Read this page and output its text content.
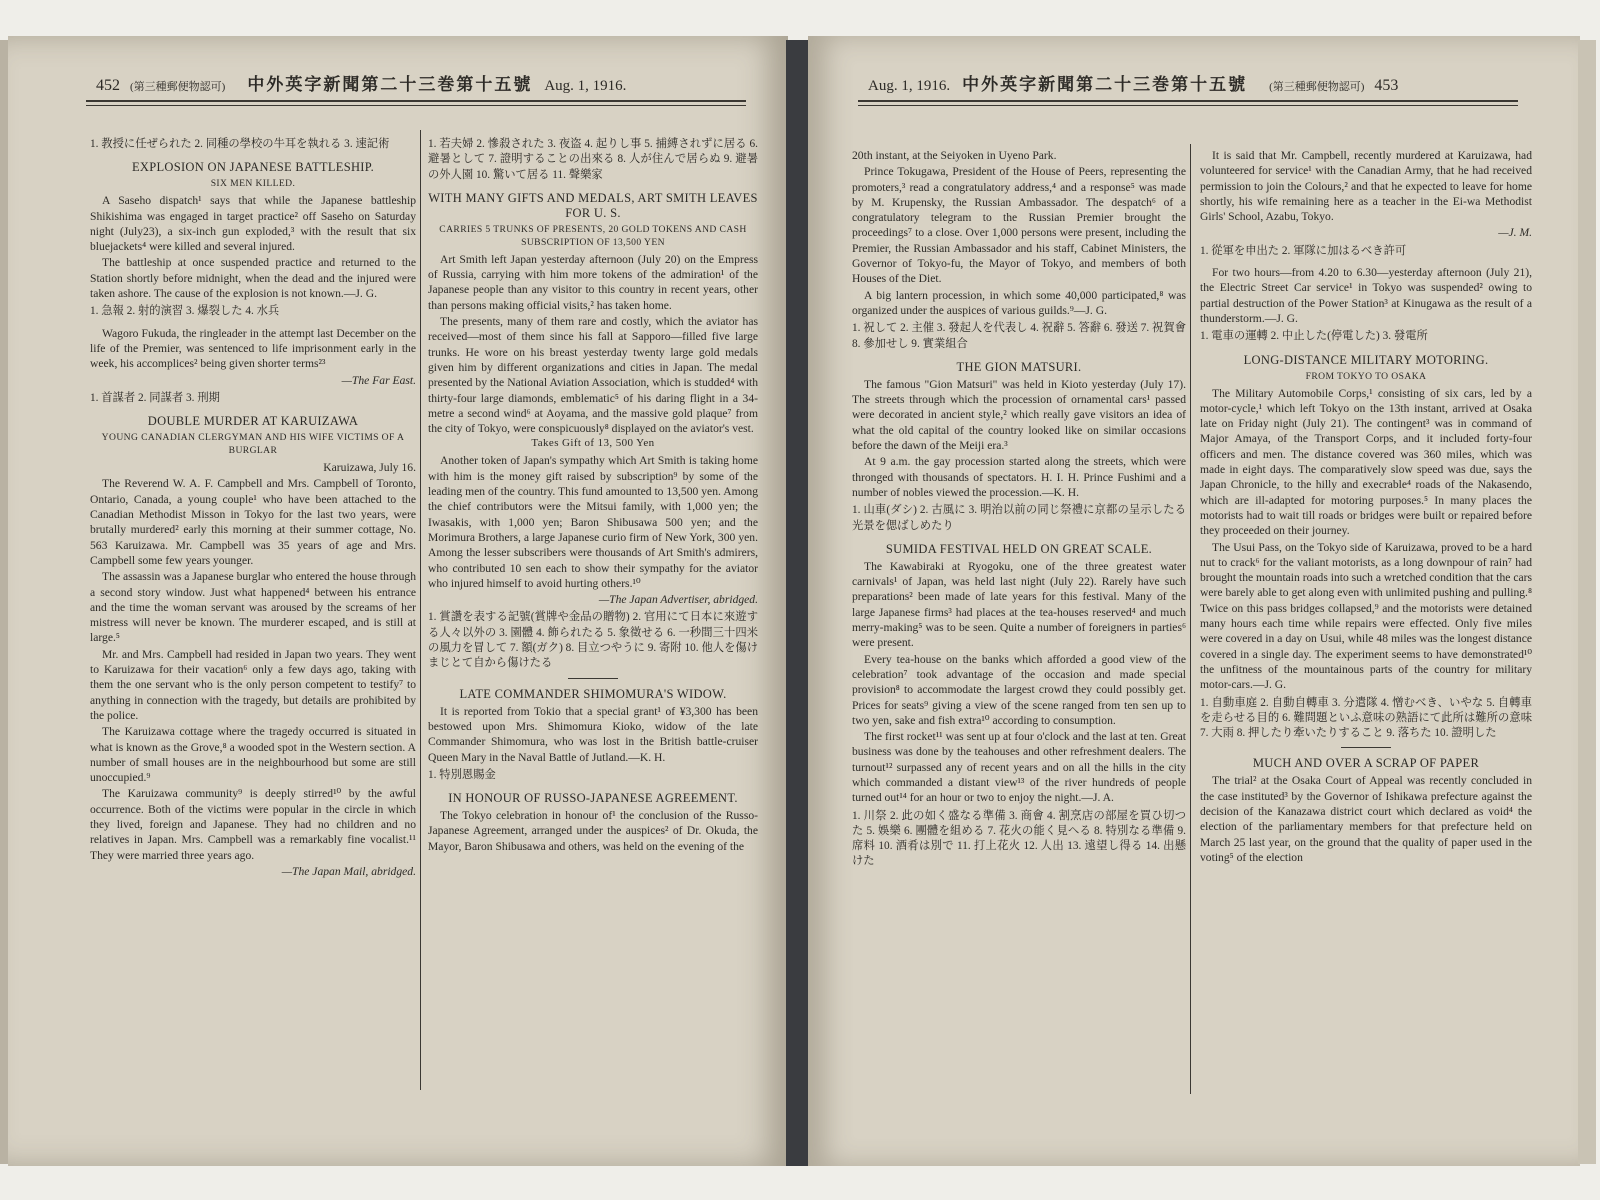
452 (第三種郵便物認可) 中外英字新聞第二十三巻第十五號 Aug. 1, 1916.	Aug. 1, 1916. 中外英字新聞第二十三巻第十五號 (第三種郵便物認可) 453

1. 教授に任ぜられた 2. 同種の學校の牛耳を執れる 3. 速記術

EXPLOSION ON JAPANESE BATTLESHIP.
SIX MEN KILLED.

A Saseho dispatch¹ says that while the Japanese battleship Shikishima was engaged in target practice² off Saseho on Saturday night (July23), a six-inch gun exploded,³ with the result that six bluejackets⁴ were killed and several injured.

The battleship at once suspended practice and returned to the Station shortly before midnight, when the dead and the injured were taken ashore. The cause of the explosion is not known.—J. G.

1. 急報 2. 射的演習 3. 爆裂した 4. 水兵

Wagoro Fukuda, the ringleader in the attempt last December on the life of the Premier, was sentenced to life imprisonment early in the week, his accomplices² being given shorter terms²³

—The Far East.

1. 首謀者 2. 同謀者 3. 刑期

DOUBLE MURDER AT KARUIZAWA
YOUNG CANADIAN CLERGYMAN AND HIS WIFE VICTIMS OF A BURGLAR

Karuizawa, July 16.

The Reverend W. A. F. Campbell and Mrs. Campbell of Toronto, Ontario, Canada, a young couple¹ who have been attached to the Canadian Methodist Misson in Tokyo for the last two years, were brutally murdered² early this morning at their summer cottage, No. 563 Karuizawa. Mr. Campbell was 35 years of age and Mrs. Campbell some few years younger.

The assassin was a Japanese burglar who entered the house through a second story window. Just what happened⁴ between his entrance and the time the woman servant was aroused by the screams of her mistress will never be known. The murderer escaped, and is still at large.⁵

Mr. and Mrs. Campbell had resided in Japan two years. They went to Karuizawa for their vacation⁶ only a few days ago, taking with them the one servant who is the only person competent to testify⁷ to anything in connection with the tragedy, but details are prohibited by the police.

The Karuizawa cottage where the tragedy occurred is situated in what is known as the Grove,⁸ a wooded spot in the Western section. A number of small houses are in the neighbourhood but some are still unoccupied.⁹

The Karuizawa community⁹ is deeply stirred¹⁰ by the awful occurrence. Both of the victims were popular in the circle in which they lived, foreign and Japanese. They had no children and no relatives in Japan. Mrs. Campbell was a remarkably fine vocalist.¹¹ They were married three years ago.

—The Japan Mail, abridged.

1. 若夫婦 2. 慘殺された 3. 夜盗 4. 起りし事 5. 捕縛されずに居る 6. 避暑として 7. 證明することの出來る 8. 人が住んで居らぬ 9. 避暑の外人園 10. 驚いて居る 11. 聲樂家

WITH MANY GIFTS AND MEDALS, ART SMITH LEAVES FOR U. S.
CARRIES 5 TRUNKS OF PRESENTS, 20 GOLD TOKENS AND CASH SUBSCRIPTION OF 13,500 YEN

Art Smith left Japan yesterday afternoon (July 20) on the Empress of Russia, carrying with him more tokens of the admiration¹ of the Japanese people than any visitor to this country in recent years, other than persons making official visits,² has taken home.

The presents, many of them rare and costly, which the aviator has received—most of them since his fall at Sapporo—filled five large trunks. He wore on his breast yesterday twenty large gold medals given him by different organizations and cities in Japan. The medal presented by the National Aviation Association, which is studded⁴ with thirty-four large diamonds, emblematic⁵ of his daring flight in a 34-metre a second wind⁶ at Aoyama, and the massive gold plaque⁷ from the city of Tokyo, were conspicuously⁸ displayed on the aviator's vest.

Takes Gift of 13, 500 Yen

Another token of Japan's sympathy which Art Smith is taking home with him is the money gift raised by subscription⁹ by some of the leading men of the country. This fund amounted to 13,500 yen. Among the chief contributors were the Mitsui family, with 1,000 yen; the Iwasakis, with 1,000 yen; Baron Shibusawa 500 yen; and the Morimura Brothers, a large Japanese curio firm of New York, 300 yen. Among the lesser subscribers were thousands of Art Smith's admirers, who contributed 10 sen each to show their sympathy for the aviator who injured himself to avoid hurting others.¹⁰

—The Japan Advertiser, abridged.

1. 賞讚を表する記號(賞牌や金品の贈物) 2. 官用にて日本に來遊する人々以外の 3. 園體 4. 飾られたる 5. 象徵せる 6. 一秒間三十四米の風力を冒して 7. 額(ガク) 8. 目立つやうに 9. 寄附 10. 他人を傷けまじとて自から傷けたる

LATE COMMANDER SHIMOMURA'S WIDOW.

It is reported from Tokio that a special grant¹ of ¥3,300 has been bestowed upon Mrs. Shimomura Kioko, widow of the late Commander Shimomura, who was lost in the British battle-cruiser Queen Mary in the Naval Battle of Jutland.—K. H.

1. 特別恩賜金

IN HONOUR OF RUSSO-JAPANESE AGREEMENT.

The Tokyo celebration in honour of¹ the conclusion of the Russo-Japanese Agreement, arranged under the auspices² of Dr. Okuda, the Mayor, Baron Shibusawa and others, was held on the evening of the

20th instant, at the Seiyoken in Uyeno Park.

Prince Tokugawa, President of the House of Peers, representing the promoters,³ read a congratulatory address,⁴ and a response⁵ was made by M. Krupensky, the Russian Ambassador. The despatch⁶ of a congratulatory telegram to the Russian Premier brought the proceedings⁷ to a close. Over 1,000 persons were present, including the Premier, the Russian Ambassador and his staff, Cabinet Ministers, the Governor of Tokyo-fu, the Mayor of Tokyo, and members of both Houses of the Diet.

A big lantern procession, in which some 40,000 participated,⁸ was organized under the auspices of various guilds.⁹—J. G.

1. 祝して 2. 主催 3. 發起人を代表し 4. 祝辭 5. 答辭 6. 發送 7. 祝賀會 8. 參加せし 9. 實業組合

THE GION MATSURI.

The famous "Gion Matsuri" was held in Kioto yesterday (July 17). The streets through which the procession of ornamental cars¹ passed were decorated in ancient style,² which really gave visitors an idea of what the old capital of the country looked like on similar occasions before the dawn of the Meiji era.³

At 9 a.m. the gay procession started along the streets, which were thronged with thousands of spectators. H. I. H. Prince Fushimi and a number of nobles viewed the procession.—K. H.

1. 山車(ダシ) 2. 古風に 3. 明治以前の同じ祭禮に京都の呈示したる光景を偲ばしめたり

SUMIDA FESTIVAL HELD ON GREAT SCALE.

The Kawabiraki at Ryogoku, one of the three greatest water carnivals¹ of Japan, was held last night (July 22). Rarely have such preparations² been made of late years for this festival. Many of the large Japanese firms³ had places at the tea-houses reserved⁴ and much merry-making⁵ was to be seen. Quite a number of foreigners in parties⁶ were present.

Every tea-house on the banks which afforded a good view of the celebration⁷ took advantage of the occasion and made special provision⁸ to accommodate the largest crowd they could possibly get. Prices for seats⁹ giving a view of the scene ranged from ten sen up to two yen, sake and fish extra¹⁰ according to consumption.

The first rocket¹¹ was sent up at four o'clock and the last at ten. Great business was done by the teahouses and other refreshment dealers. The turnout¹² surpassed any of recent years and on all the hills in the city which commanded a distant view¹³ of the river hundreds of people turned out¹⁴ for an hour or two to enjoy the night.—J. A.

1. 川祭 2. 此の如く盛なる準備 3. 商會 4. 割烹店の部屋を買ひ切つた 5. 娛樂 6. 團體を組める 7. 花火の能く見へる 8. 特別なる準備 9. 席料 10. 酒肴は別で 11. 打上花火 12. 人出 13. 遠望し得る 14. 出懸けた

It is said that Mr. Campbell, recently murdered at Karuizawa, had volunteered for service¹ with the Canadian Army, that he had received permission to join the Colours,² and that he expected to leave for home shortly, his wife remaining here as a teacher in the Ei-wa Methodist Girls' School, Azabu, Tokyo.

—J. M.

1. 從軍を申出た 2. 軍隊に加はるべき許可

For two hours—from 4.20 to 6.30—yesterday afternoon (July 21), the Electric Street Car service¹ in Tokyo was suspended² owing to partial destruction of the Power Station³ at Kinugawa as the result of a thunderstorm.—J. G.

1. 電車の運轉 2. 中止した(停電した) 3. 發電所

LONG-DISTANCE MILITARY MOTORING.
FROM TOKYO TO OSAKA

The Military Automobile Corps,¹ consisting of six cars, led by a motor-cycle,¹ which left Tokyo on the 13th instant, arrived at Osaka late on Friday night (July 21). The contingent³ was in command of Major Amaya, of the Transport Corps, and it included forty-four officers and men. The distance covered was 360 miles, which was made in eight days. The comparatively slow speed was due, says the Japan Chronicle, to the hilly and execrable⁴ roads of the Nakasendo, which are ill-adapted for motoring purposes.⁵ In many places the motorists had to wait till roads or bridges were built or repaired before they proceeded on their journey.

The Usui Pass, on the Tokyo side of Karuizawa, proved to be a hard nut to crack⁶ for the valiant motorists, as a long downpour of rain⁷ had brought the mountain roads into such a wretched condition that the cars were barely able to get along even with unlimited pushing and pulling.⁸ Twice on this pass bridges collapsed,⁹ and the motorists were detained many hours each time while repairs were effected. Only five miles were covered in a day on Usui, while 48 miles was the longest distance covered in a single day. The experiment seems to have demonstrated¹⁰ the unfitness of the mountainous parts of the country for military motor-cars.—J. G.

1. 自動車庭 2. 自動自轉車 3. 分遣隊 4. 憎むべき、いやな 5. 自轉車を走らせる目的 6. 難問題といふ意味の熟語にて此所は難所の意味 7. 大雨 8. 押したり牽いたりすること 9. 落ちた 10. 證明した

MUCH AND OVER A SCRAP OF PAPER

The trial² at the Osaka Court of Appeal was recently concluded in the case instituted³ by the Governor of Ishikawa prefecture against the decision of the Kanazawa district court which declared as void⁴ the election of the parliamentary members for that prefecture held on March 25 last year, on the ground that the quality of paper used in the voting⁵ of the election
